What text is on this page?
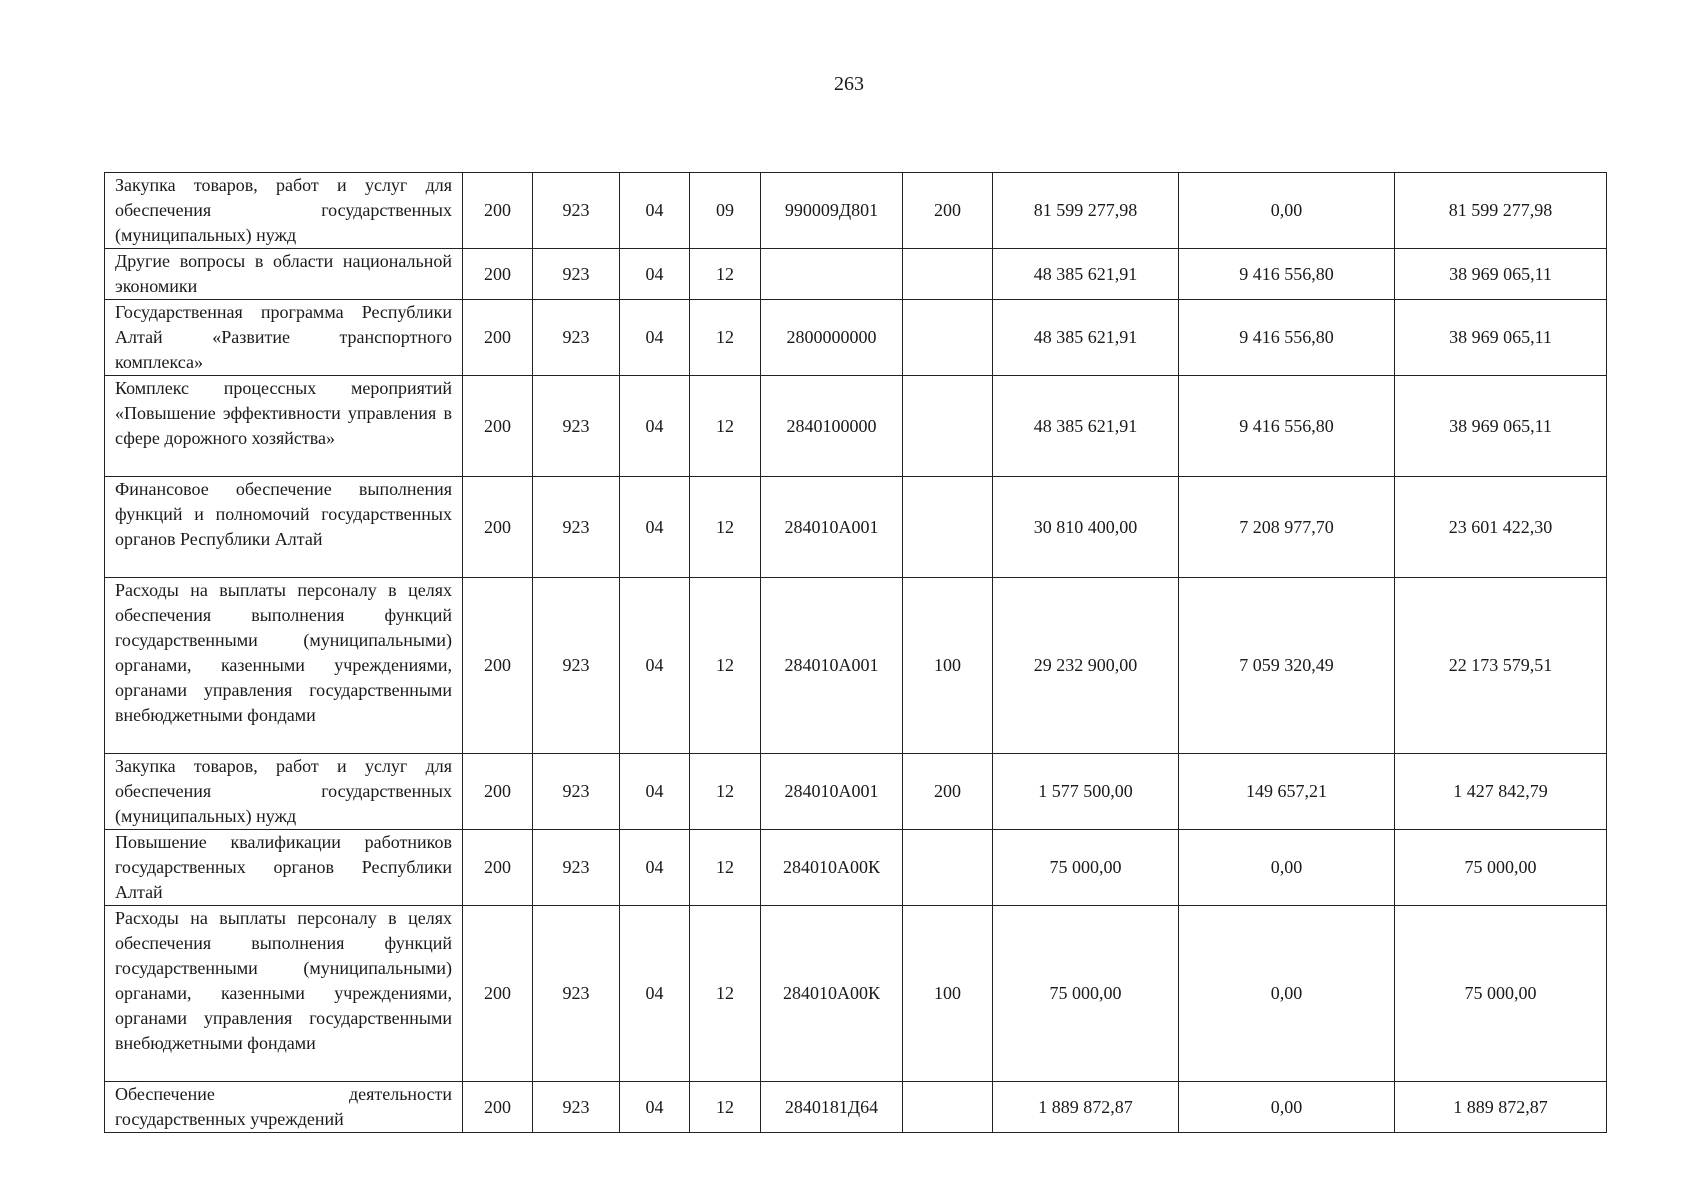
263
Закупка товаров, работ и услуг для обеспечения государственных (муниципальных) нужд	200	923	04	09	990009Д801	200	81 599 277,98	0,00	81 599 277,98
Другие вопросы в области национальной экономики	200	923	04	12			48 385 621,91	9 416 556,80	38 969 065,11
Государственная программа Республики Алтай «Развитие транспортного комплекса»	200	923	04	12	2800000000		48 385 621,91	9 416 556,80	38 969 065,11
Комплекс процессных мероприятий «Повышение эффективности управления в сфере дорожного хозяйства»	200	923	04	12	2840100000		48 385 621,91	9 416 556,80	38 969 065,11
Финансовое обеспечение выполнения функций и полномочий государственных органов Республики Алтай	200	923	04	12	284010А001		30 810 400,00	7 208 977,70	23 601 422,30
Расходы на выплаты персоналу в целях обеспечения выполнения функций государственными (муниципальными) органами, казенными учреждениями, органами управления государственными внебюджетными фондами	200	923	04	12	284010А001	100	29 232 900,00	7 059 320,49	22 173 579,51
Закупка товаров, работ и услуг для обеспечения государственных (муниципальных) нужд	200	923	04	12	284010А001	200	1 577 500,00	149 657,21	1 427 842,79
Повышение квалификации работников государственных органов Республики Алтай	200	923	04	12	284010А00К		75 000,00	0,00	75 000,00
Расходы на выплаты персоналу в целях обеспечения выполнения функций государственными (муниципальными) органами, казенными учреждениями, органами управления государственными внебюджетными фондами	200	923	04	12	284010А00К	100	75 000,00	0,00	75 000,00
Обеспечение деятельности государственных учреждений	200	923	04	12	2840181Д64		1 889 872,87	0,00	1 889 872,87
